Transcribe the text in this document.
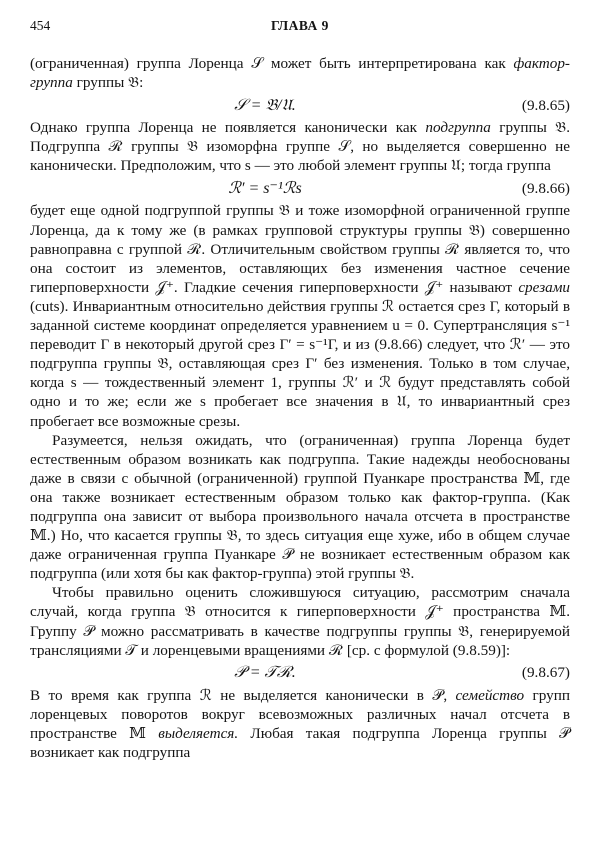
454	ГЛАВА 9

(ограниченная) группа Лоренца 𝒮 может быть интерпретирована как фактор-группа группы 𝔅:

𝒮 = 𝔅/𝔘.	(9.8.65)

Однако группа Лоренца не появляется канонически как подгруппа группы 𝔅. Подгруппа ℛ группы 𝔅 изоморфна группе 𝒮, но выделяется совершенно не канонически. Предположим, что s — это любой элемент группы 𝔘; тогда группа

ℛ′ = s⁻¹ℛs	(9.8.66)

будет еще одной подгруппой группы 𝔅 и тоже изоморфной ограниченной группе Лоренца, да к тому же (в рамках групповой структуры группы 𝔅) совершенно равноправна с группой ℛ. Отличительным свойством группы ℛ является то, что она состоит из элементов, оставляющих без изменения частное сечение гиперповерхности 𝒥⁺. Гладкие сечения гиперповерхности 𝒥⁺ называют срезами (cuts). Инвариантным относительно действия группы ℛ остается срез Γ, который в заданной системе координат определяется уравнением u = 0. Супертрансляция s⁻¹ переводит Γ в некоторый другой срез Γ′ = s⁻¹Γ, и из (9.8.66) следует, что ℛ′ — это подгруппа группы 𝔅, оставляющая срез Γ′ без изменения. Только в том случае, когда s — тождественный элемент 1, группы ℛ′ и ℛ будут представлять собой одно и то же; если же s пробегает все значения в 𝔘, то инвариантный срез пробегает все возможные срезы.

Разумеется, нельзя ожидать, что (ограниченная) группа Лоренца будет естественным образом возникать как подгруппа. Такие надежды необоснованы даже в связи с обычной (ограниченной) группой Пуанкаре пространства 𝕄, где она также возникает естественным образом только как фактор-группа. (Как подгруппа она зависит от выбора произвольного начала отсчета в пространстве 𝕄.) Но, что касается группы 𝔅, то здесь ситуация еще хуже, ибо в общем случае даже ограниченная группа Пуанкаре 𝒫 не возникает естественным образом как подгруппа (или хотя бы как фактор-группа) этой группы 𝔅.

Чтобы правильно оценить сложившуюся ситуацию, рассмотрим сначала случай, когда группа 𝔅 относится к гиперповерхности 𝒥⁺ пространства 𝕄. Группу 𝒫 можно рассматривать в качестве подгруппы группы 𝔅, генерируемой трансляциями 𝒯 и лоренцевыми вращениями ℛ [ср. с формулой (9.8.59)]:

𝒫 = 𝒯ℛ.	(9.8.67)

В то время как группа ℛ не выделяется канонически в 𝒫, семейство групп лоренцевых поворотов вокруг всевозможных различных начал отсчета в пространстве 𝕄 выделяется. Любая такая подгруппа Лоренца группы 𝒫 возникает как подгруппа
